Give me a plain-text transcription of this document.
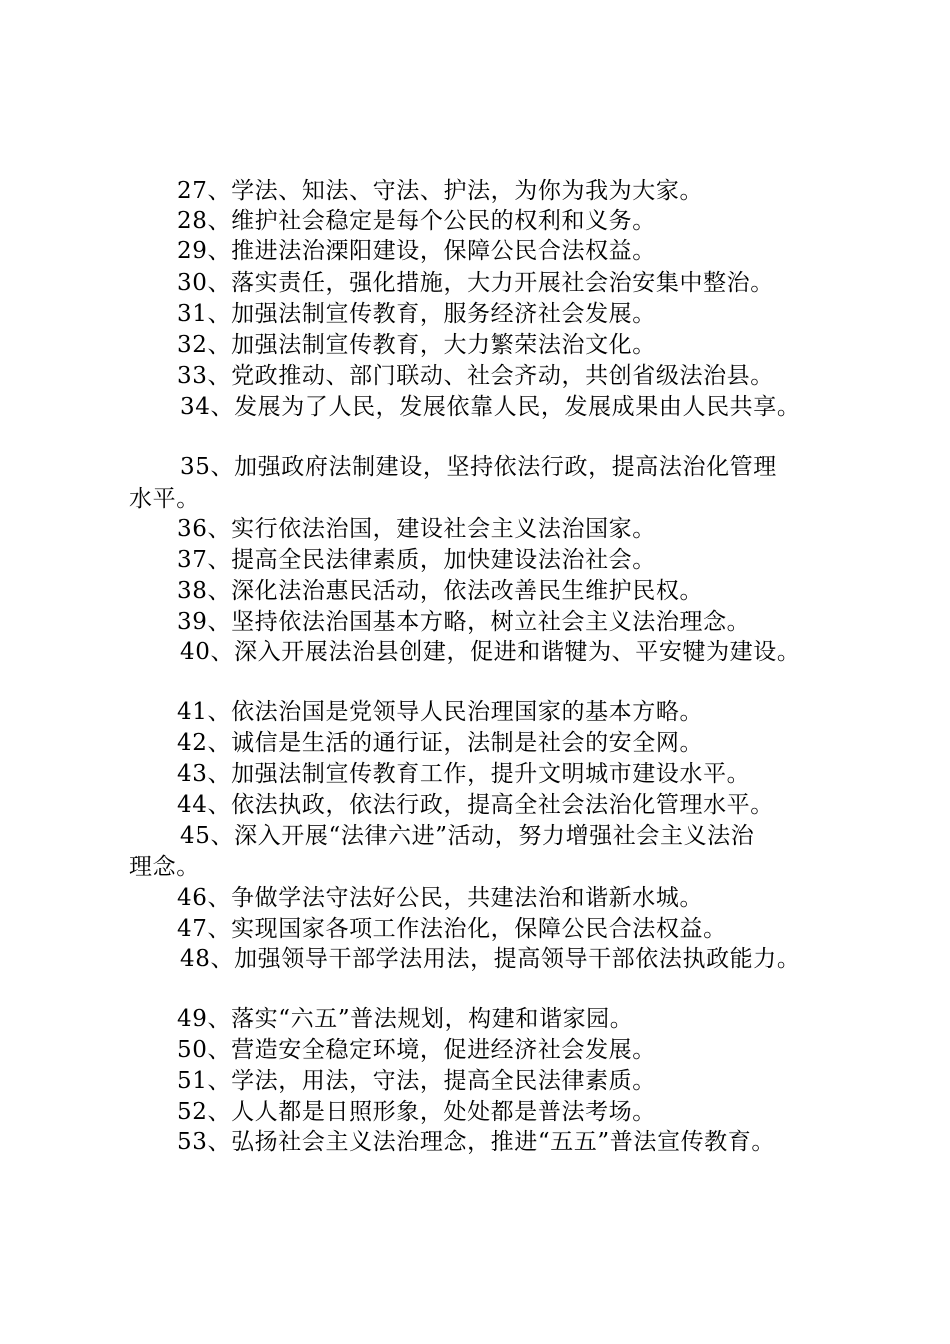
27、学法、知法、守法、护法，为你为我为大家。
28、维护社会稳定是每个公民的权利和义务。
29、推进法治溧阳建设，保障公民合法权益。
30、落实责任，强化措施，大力开展社会治安集中整治。
31、加强法制宣传教育，服务经济社会发展。
32、加强法制宣传教育，大力繁荣法治文化。
33、党政推动、部门联动、社会齐动，共创省级法治县。
34、发展为了人民，发展依靠人民，发展成果由人民共享。
35、加强政府法制建设，坚持依法行政，提高法治化管理
水平。
36、实行依法治国，建设社会主义法治国家。
37、提高全民法律素质，加快建设法治社会。
38、深化法治惠民活动，依法改善民生维护民权。
39、坚持依法治国基本方略，树立社会主义法治理念。
40、深入开展法治县创建，促进和谐犍为、平安犍为建设。
41、依法治国是党领导人民治理国家的基本方略。
42、诚信是生活的通行证，法制是社会的安全网。
43、加强法制宣传教育工作，提升文明城市建设水平。
44、依法执政，依法行政，提高全社会法治化管理水平。
45、深入开展“法律六进”活动，努力增强社会主义法治
理念。
46、争做学法守法好公民，共建法治和谐新水城。
47、实现国家各项工作法治化，保障公民合法权益。
48、加强领导干部学法用法，提高领导干部依法执政能力。
49、落实“六五”普法规划，构建和谐家园。
50、营造安全稳定环境，促进经济社会发展。
51、学法，用法，守法，提高全民法律素质。
52、人人都是日照形象，处处都是普法考场。
53、弘扬社会主义法治理念，推进“五五”普法宣传教育。
